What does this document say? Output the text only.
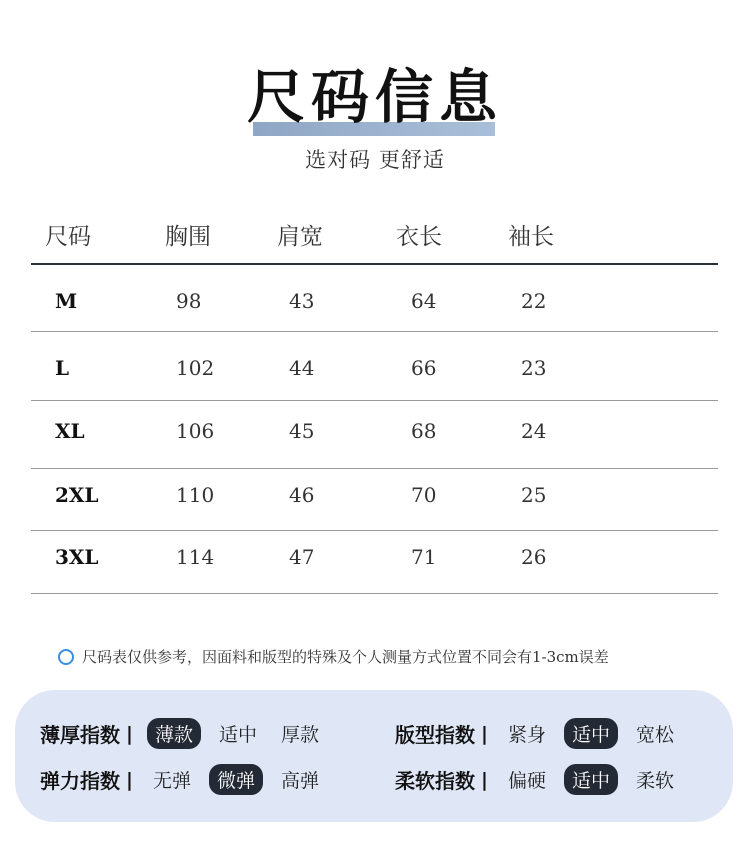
尺码信息
选对码 更舒适
尺码	胸围	肩宽	衣长	袖长
M	98	43	64	22
L	102	44	66	23
XL	106	45	68	24
2XL	110	46	70	25
3XL	114	47	71	26
尺码表仅供参考，因面料和版型的特殊及个人测量方式位置不同会有1-3cm误差
薄厚指数 |	薄款	适中	厚款	版型指数 |	紧身	适中	宽松
弹力指数 |	无弹	微弹	高弹	柔软指数 |	偏硬	适中	柔软
